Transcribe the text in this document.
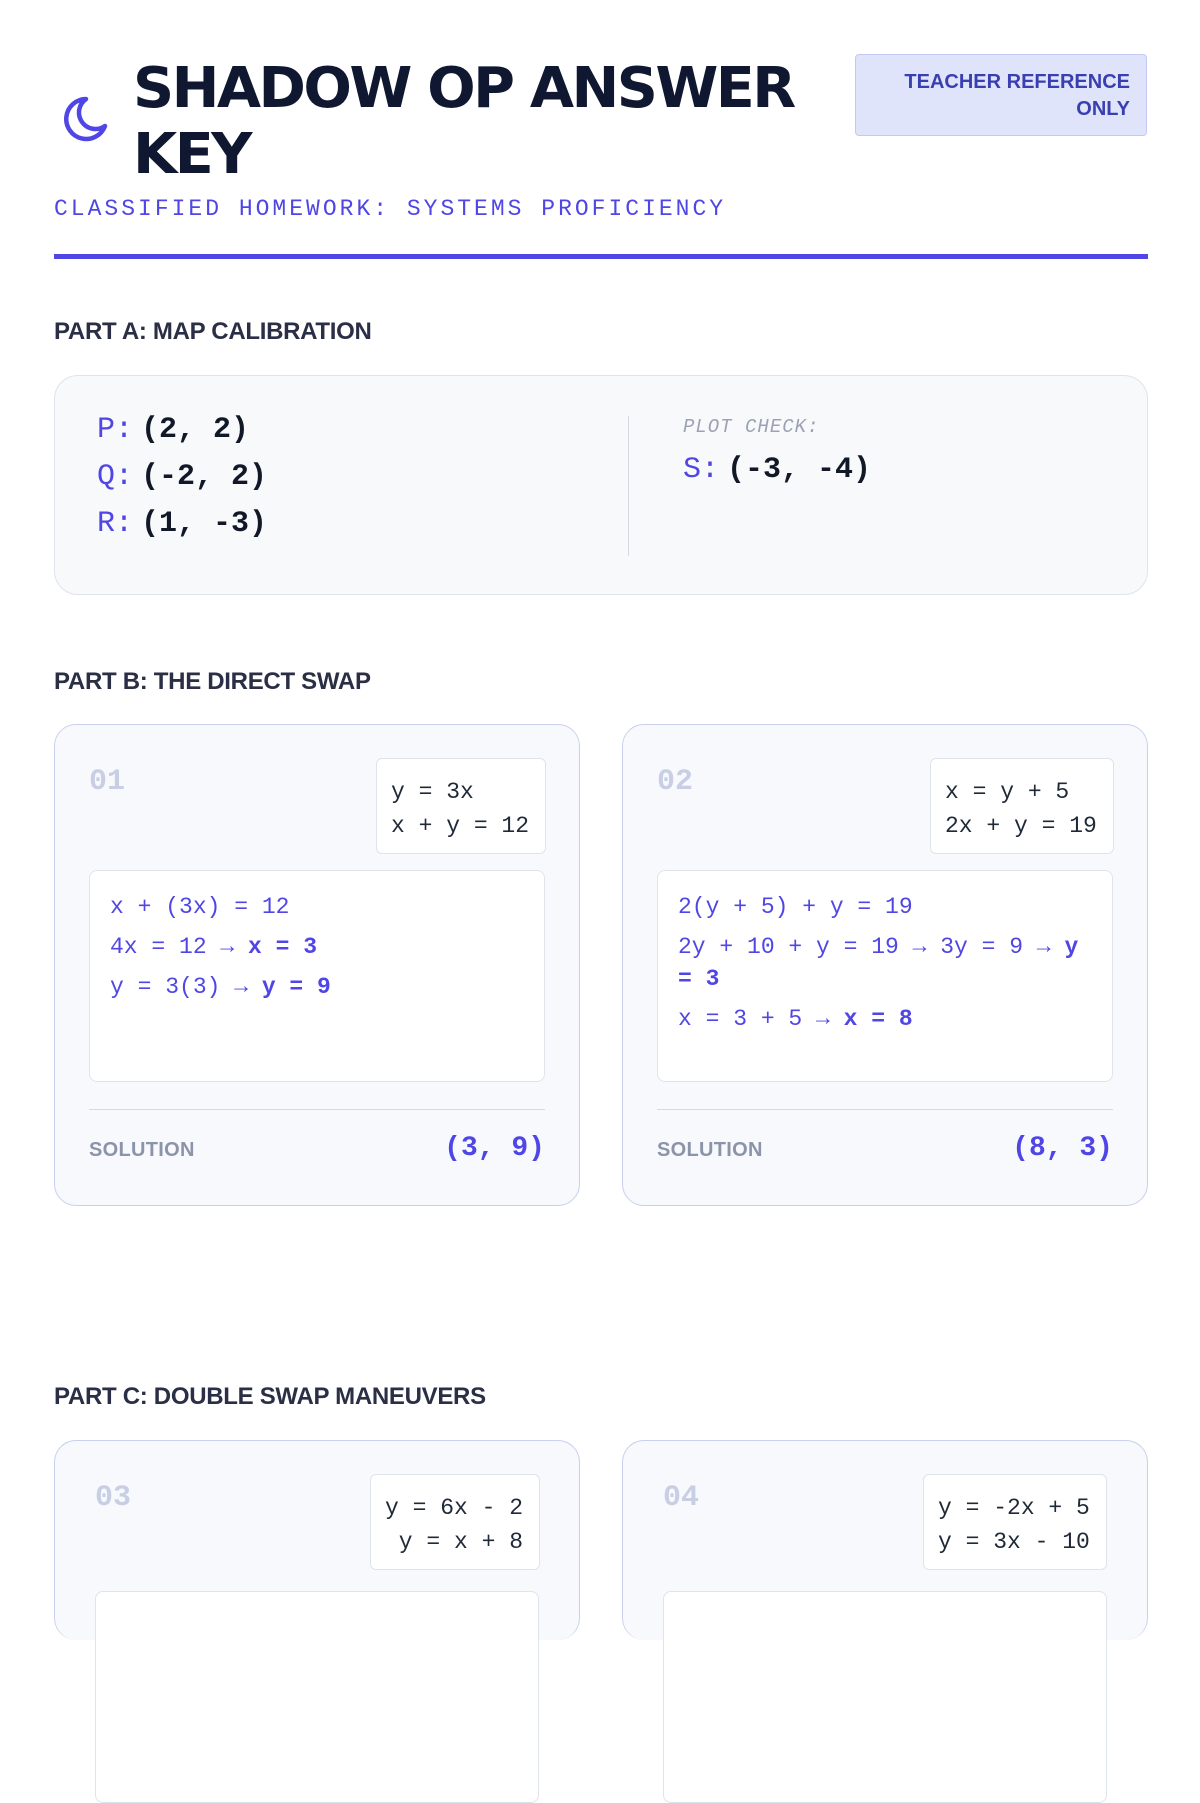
SHADOW OP ANSWER KEY
TEACHER REFERENCE ONLY
CLASSIFIED HOMEWORK: SYSTEMS PROFICIENCY
PART A: MAP CALIBRATION
P: (2, 2)
Q: (-2, 2)
R: (1, -3)
PLOT CHECK:
S: (-3, -4)
PART B: THE DIRECT SWAP
01	y = 3x
x + y = 12
x + (3x) = 12
4x = 12 → x = 3
y = 3(3) → y = 9
SOLUTION	(3, 9)
02	x = y + 5
2x + y = 19
2(y + 5) + y = 19
2y + 10 + y = 19 → 3y = 9 → y = 3
x = 3 + 5 → x = 8
SOLUTION	(8, 3)
PART C: DOUBLE SWAP MANEUVERS
03	y = 6x - 2
y = x + 8
04	y = -2x + 5
y = 3x - 10
